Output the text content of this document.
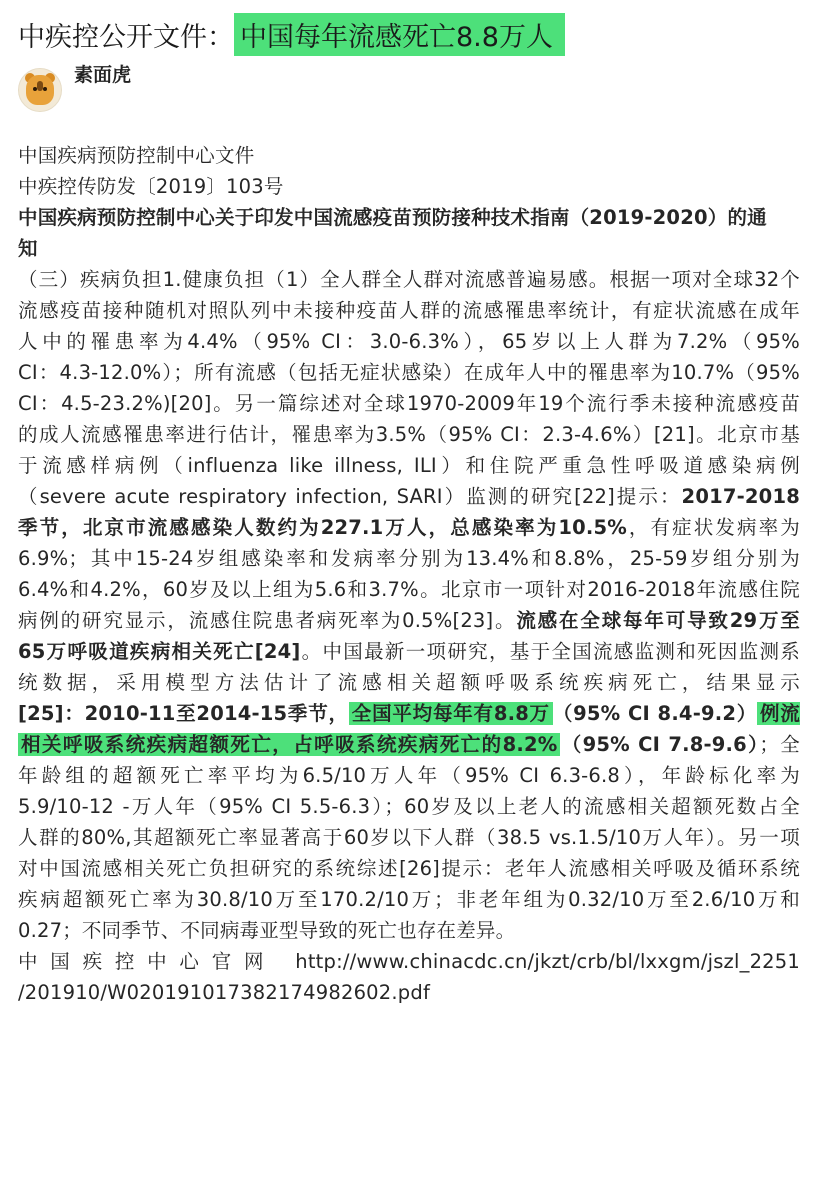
中疾控公开文件： 中国每年流感死亡8.8万人
素面虎
中国疾病预防控制中心文件
中疾控传防发〔2019〕103号
中国疾病预防控制中心关于印发中国流感疫苗预防接种技术指南（2019-2020）的通
知
（三）疾病负担1.健康负担（1）全人群全人群对流感普遍易感。根据一项对全球32个
流感疫苗接种随机对照队列中未接种疫苗人群的流感罹患率统计，有症状流感在成年
人中的罹患率为4.4%（95% CI：3.0-6.3%），65岁以上人群为7.2%（95%
CI：4.3-12.0%）；所有流感（包括无症状感染）在成年人中的罹患率为10.7%（95%
CI：4.5-23.2%)[20]。另一篇综述对全球1970-2009年19个流行季未接种流感疫苗
的成人流感罹患率进行估计，罹患率为3.5%（95% CI：2.3-4.6%）[21]。北京市基
于流感样病例（influenza like illness, ILI）和住院严重急性呼吸道感染病例
（severe acute respiratory infection, SARI）监测的研究[22]提示：2017-2018
季节，北京市流感感染人数约为227.1万人，总感染率为10.5%，有症状发病率为
6.9%；其中15-24岁组感染率和发病率分别为13.4%和8.8%，25-59岁组分别为
6.4%和4.2%，60岁及以上组为5.6和3.7%。北京市一项针对2016-2018年流感住院
病例的研究显示，流感住院患者病死率为0.5%[23]。流感在全球每年可导致29万至
65万呼吸道疾病相关死亡[24]。中国最新一项研究，基于全国流感监测和死因监测系
统数据，采用模型方法估计了流感相关超额呼吸系统疾病死亡，结果显示
[25]：2010-11至2014-15季节， 全国平均每年有8.8万 （95% CI 8.4-9.2） 例流
相关呼吸系统疾病超额死亡，占呼吸系统疾病死亡的8.2% （95% CI 7.8-9.6）；全
年龄组的超额死亡率平均为6.5/10万人年（95% CI 6.3-6.8），年龄标化率为
5.9/10-12 -万人年（95% CI 5.5-6.3）；60岁及以上老人的流感相关超额死数占全
人群的80%,其超额死亡率显著高于60岁以下人群（38.5 vs.1.5/10万人年）。另一项
对中国流感相关死亡负担研究的系统综述[26]提示：老年人流感相关呼吸及循环系统
疾病超额死亡率为30.8/10万至170.2/10万；非老年组为0.32/10万至2.6/10万和
0.27；不同季节、不同病毒亚型导致的死亡也存在差异。
中国疾控中心官网 http://www.chinacdc.cn/jkzt/crb/bl/lxxgm/jszl_2251
/201910/W020191017382174982602.pdf
